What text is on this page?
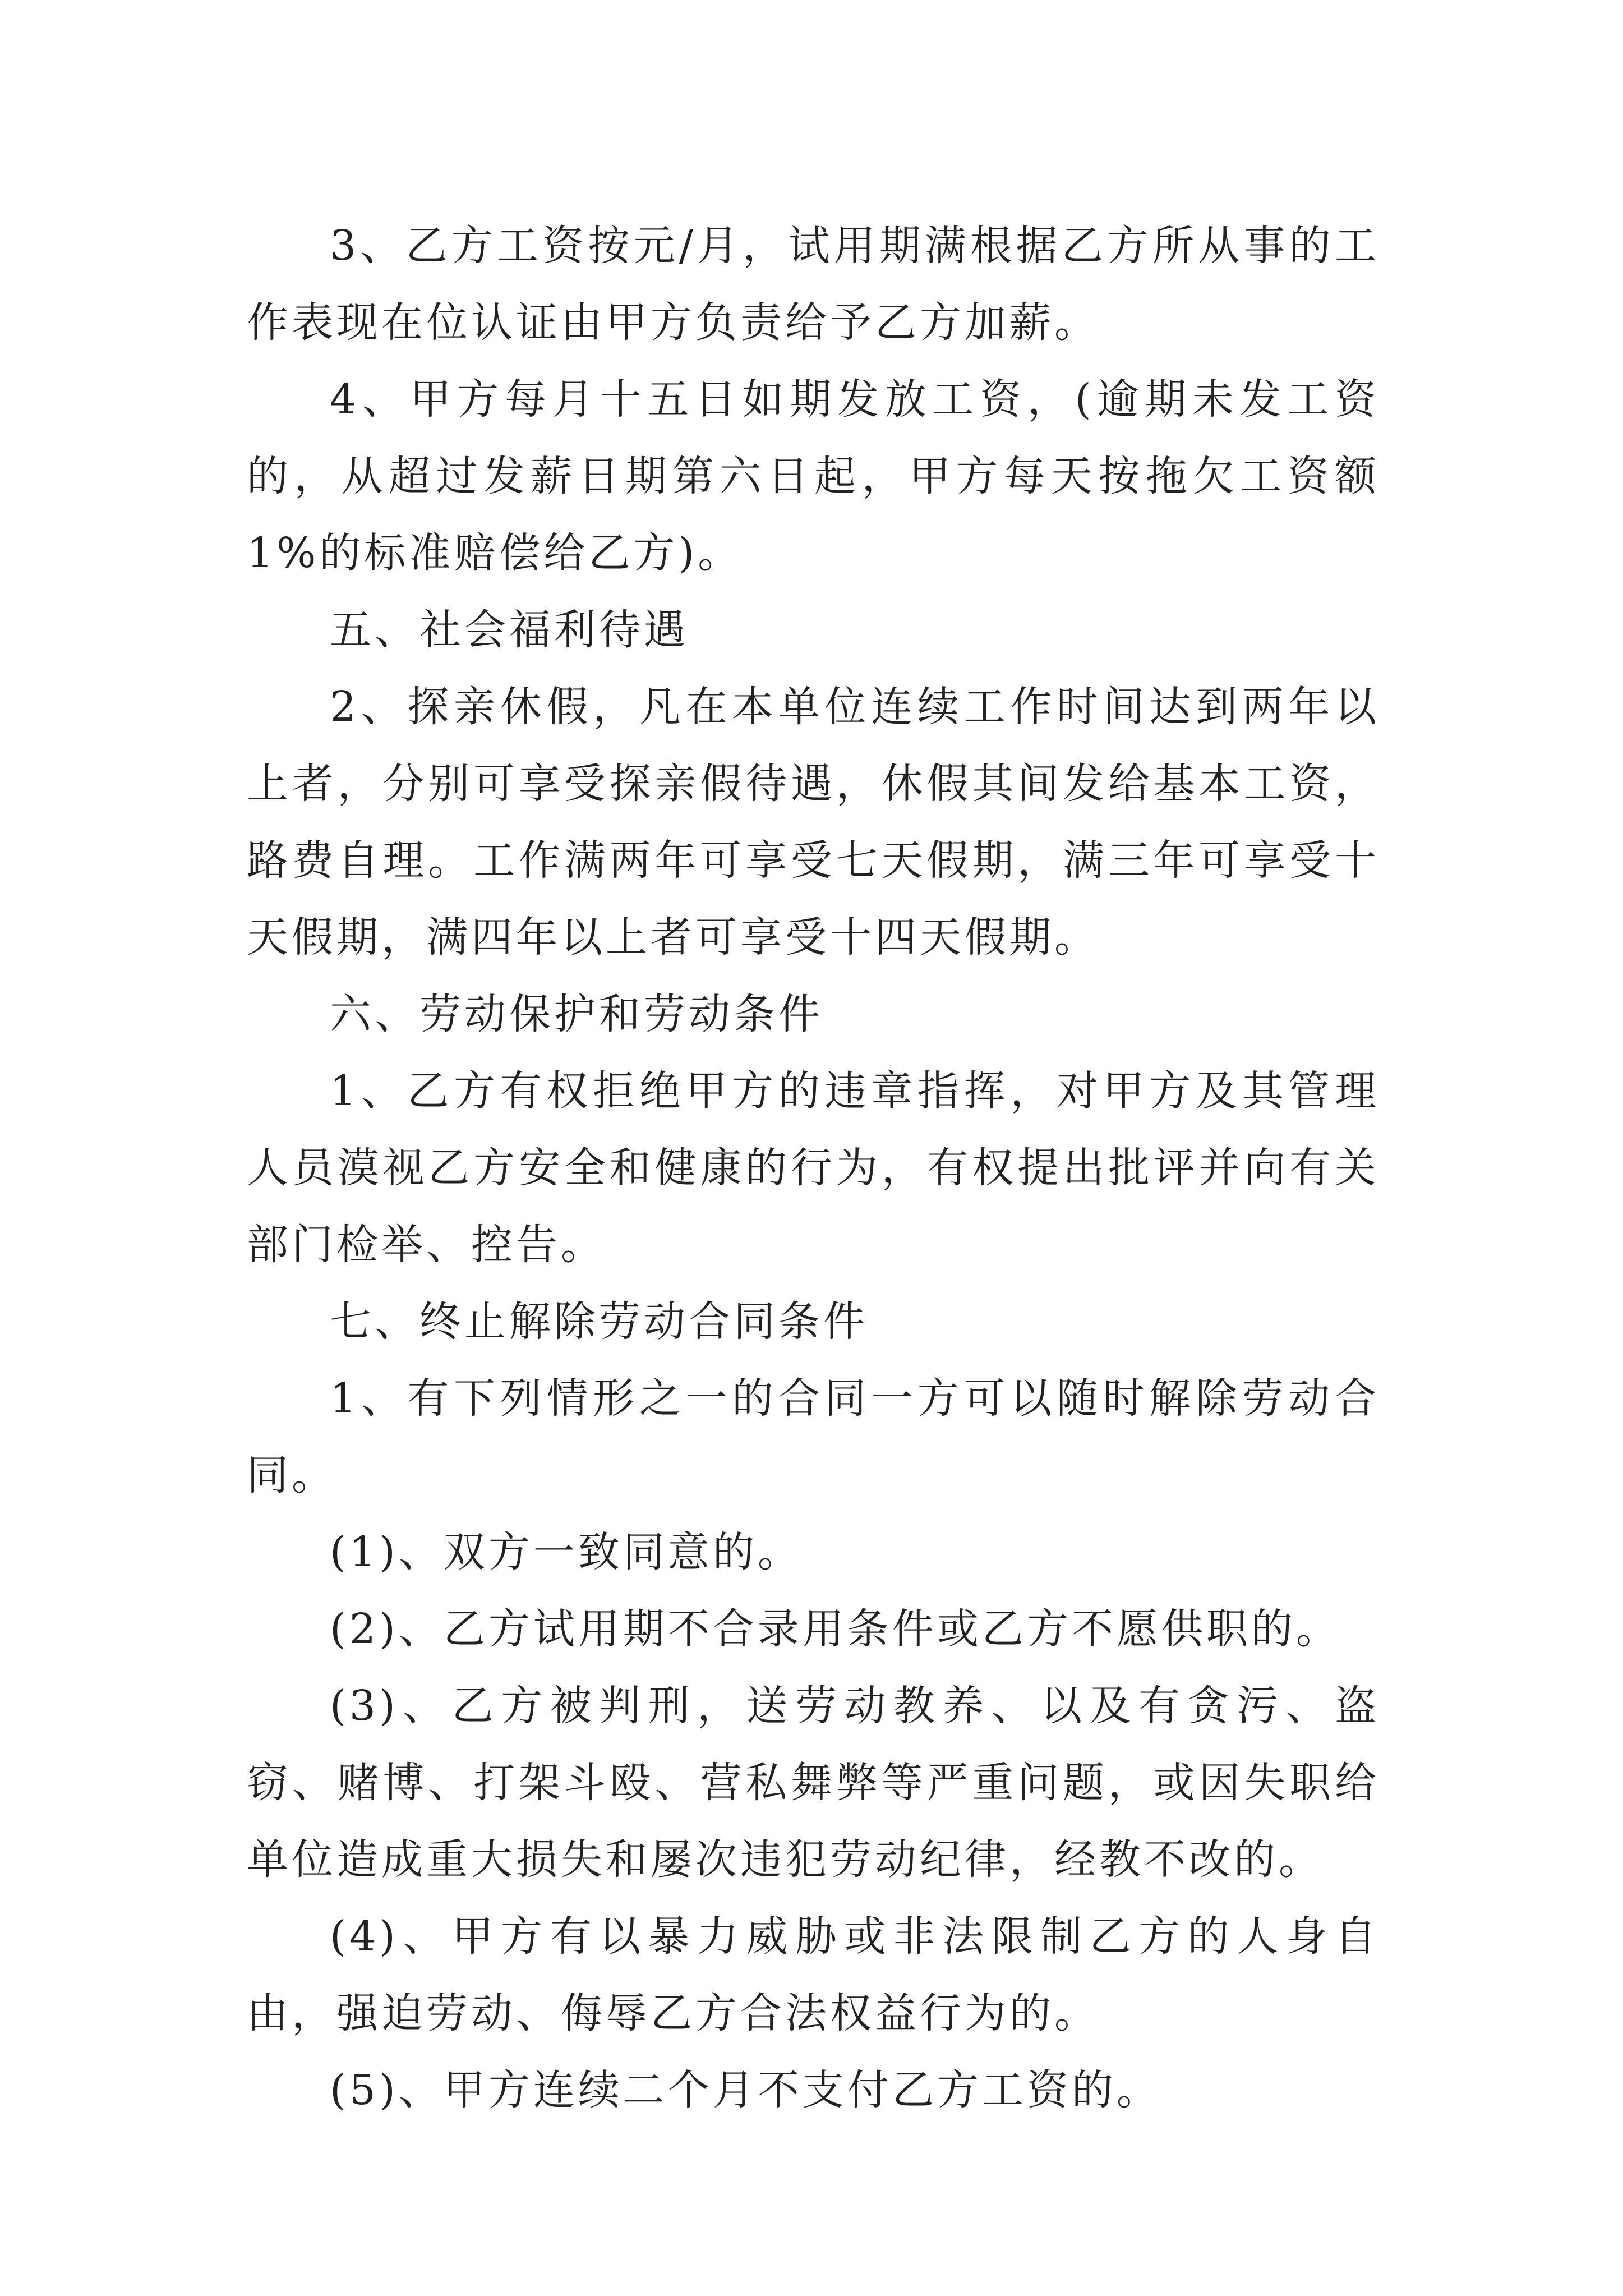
3、乙方工资按元/月，试用期满根据乙方所从事的工作表现在位认证由甲方负责给予乙方加薪。

4、甲方每月十五日如期发放工资，(逾期未发工资的，从超过发薪日期第六日起，甲方每天按拖欠工资额 1%的标准赔偿给乙方)。

五、社会福利待遇

2、探亲休假，凡在本单位连续工作时间达到两年以上者，分别可享受探亲假待遇，休假其间发给基本工资，路费自理。工作满两年可享受七天假期，满三年可享受十天假期，满四年以上者可享受十四天假期。

六、劳动保护和劳动条件

1、乙方有权拒绝甲方的违章指挥，对甲方及其管理人员漠视乙方安全和健康的行为，有权提出批评并向有关部门检举、控告。

七、终止解除劳动合同条件

1、有下列情形之一的合同一方可以随时解除劳动合同。

(1)、双方一致同意的。

(2)、乙方试用期不合录用条件或乙方不愿供职的。

(3)、乙方被判刑，送劳动教养、以及有贪污、盗窃、赌博、打架斗殴、营私舞弊等严重问题，或因失职给单位造成重大损失和屡次违犯劳动纪律，经教不改的。

(4)、甲方有以暴力威胁或非法限制乙方的人身自由，强迫劳动、侮辱乙方合法权益行为的。

(5)、甲方连续二个月不支付乙方工资的。
